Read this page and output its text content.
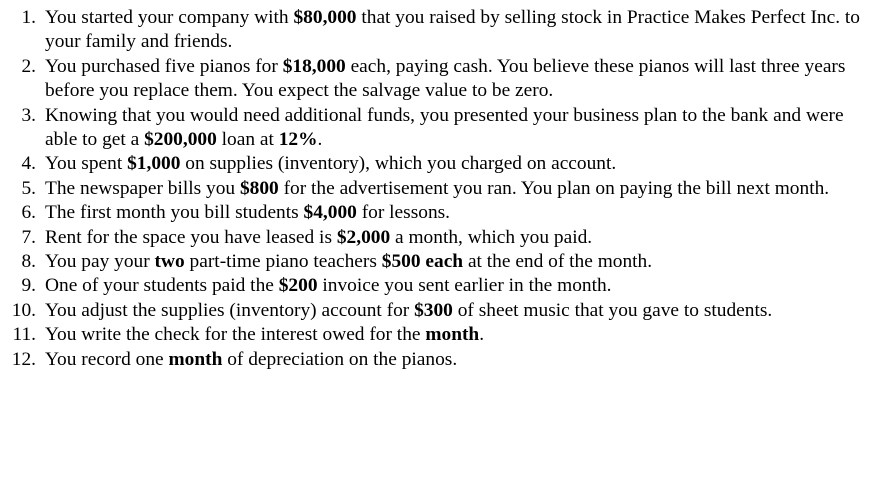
1. You started your company with $80,000 that you raised by selling stock in Practice Makes Perfect Inc. to your family and friends.
2. You purchased five pianos for $18,000 each, paying cash. You believe these pianos will last three years before you replace them. You expect the salvage value to be zero.
3. Knowing that you would need additional funds, you presented your business plan to the bank and were able to get a $200,000 loan at 12%.
4. You spent $1,000 on supplies (inventory), which you charged on account.
5. The newspaper bills you $800 for the advertisement you ran. You plan on paying the bill next month.
6. The first month you bill students $4,000 for lessons.
7. Rent for the space you have leased is $2,000 a month, which you paid.
8. You pay your two part-time piano teachers $500 each at the end of the month.
9. One of your students paid the $200 invoice you sent earlier in the month.
10. You adjust the supplies (inventory) account for $300 of sheet music that you gave to students.
11. You write the check for the interest owed for the month.
12. You record one month of depreciation on the pianos.
